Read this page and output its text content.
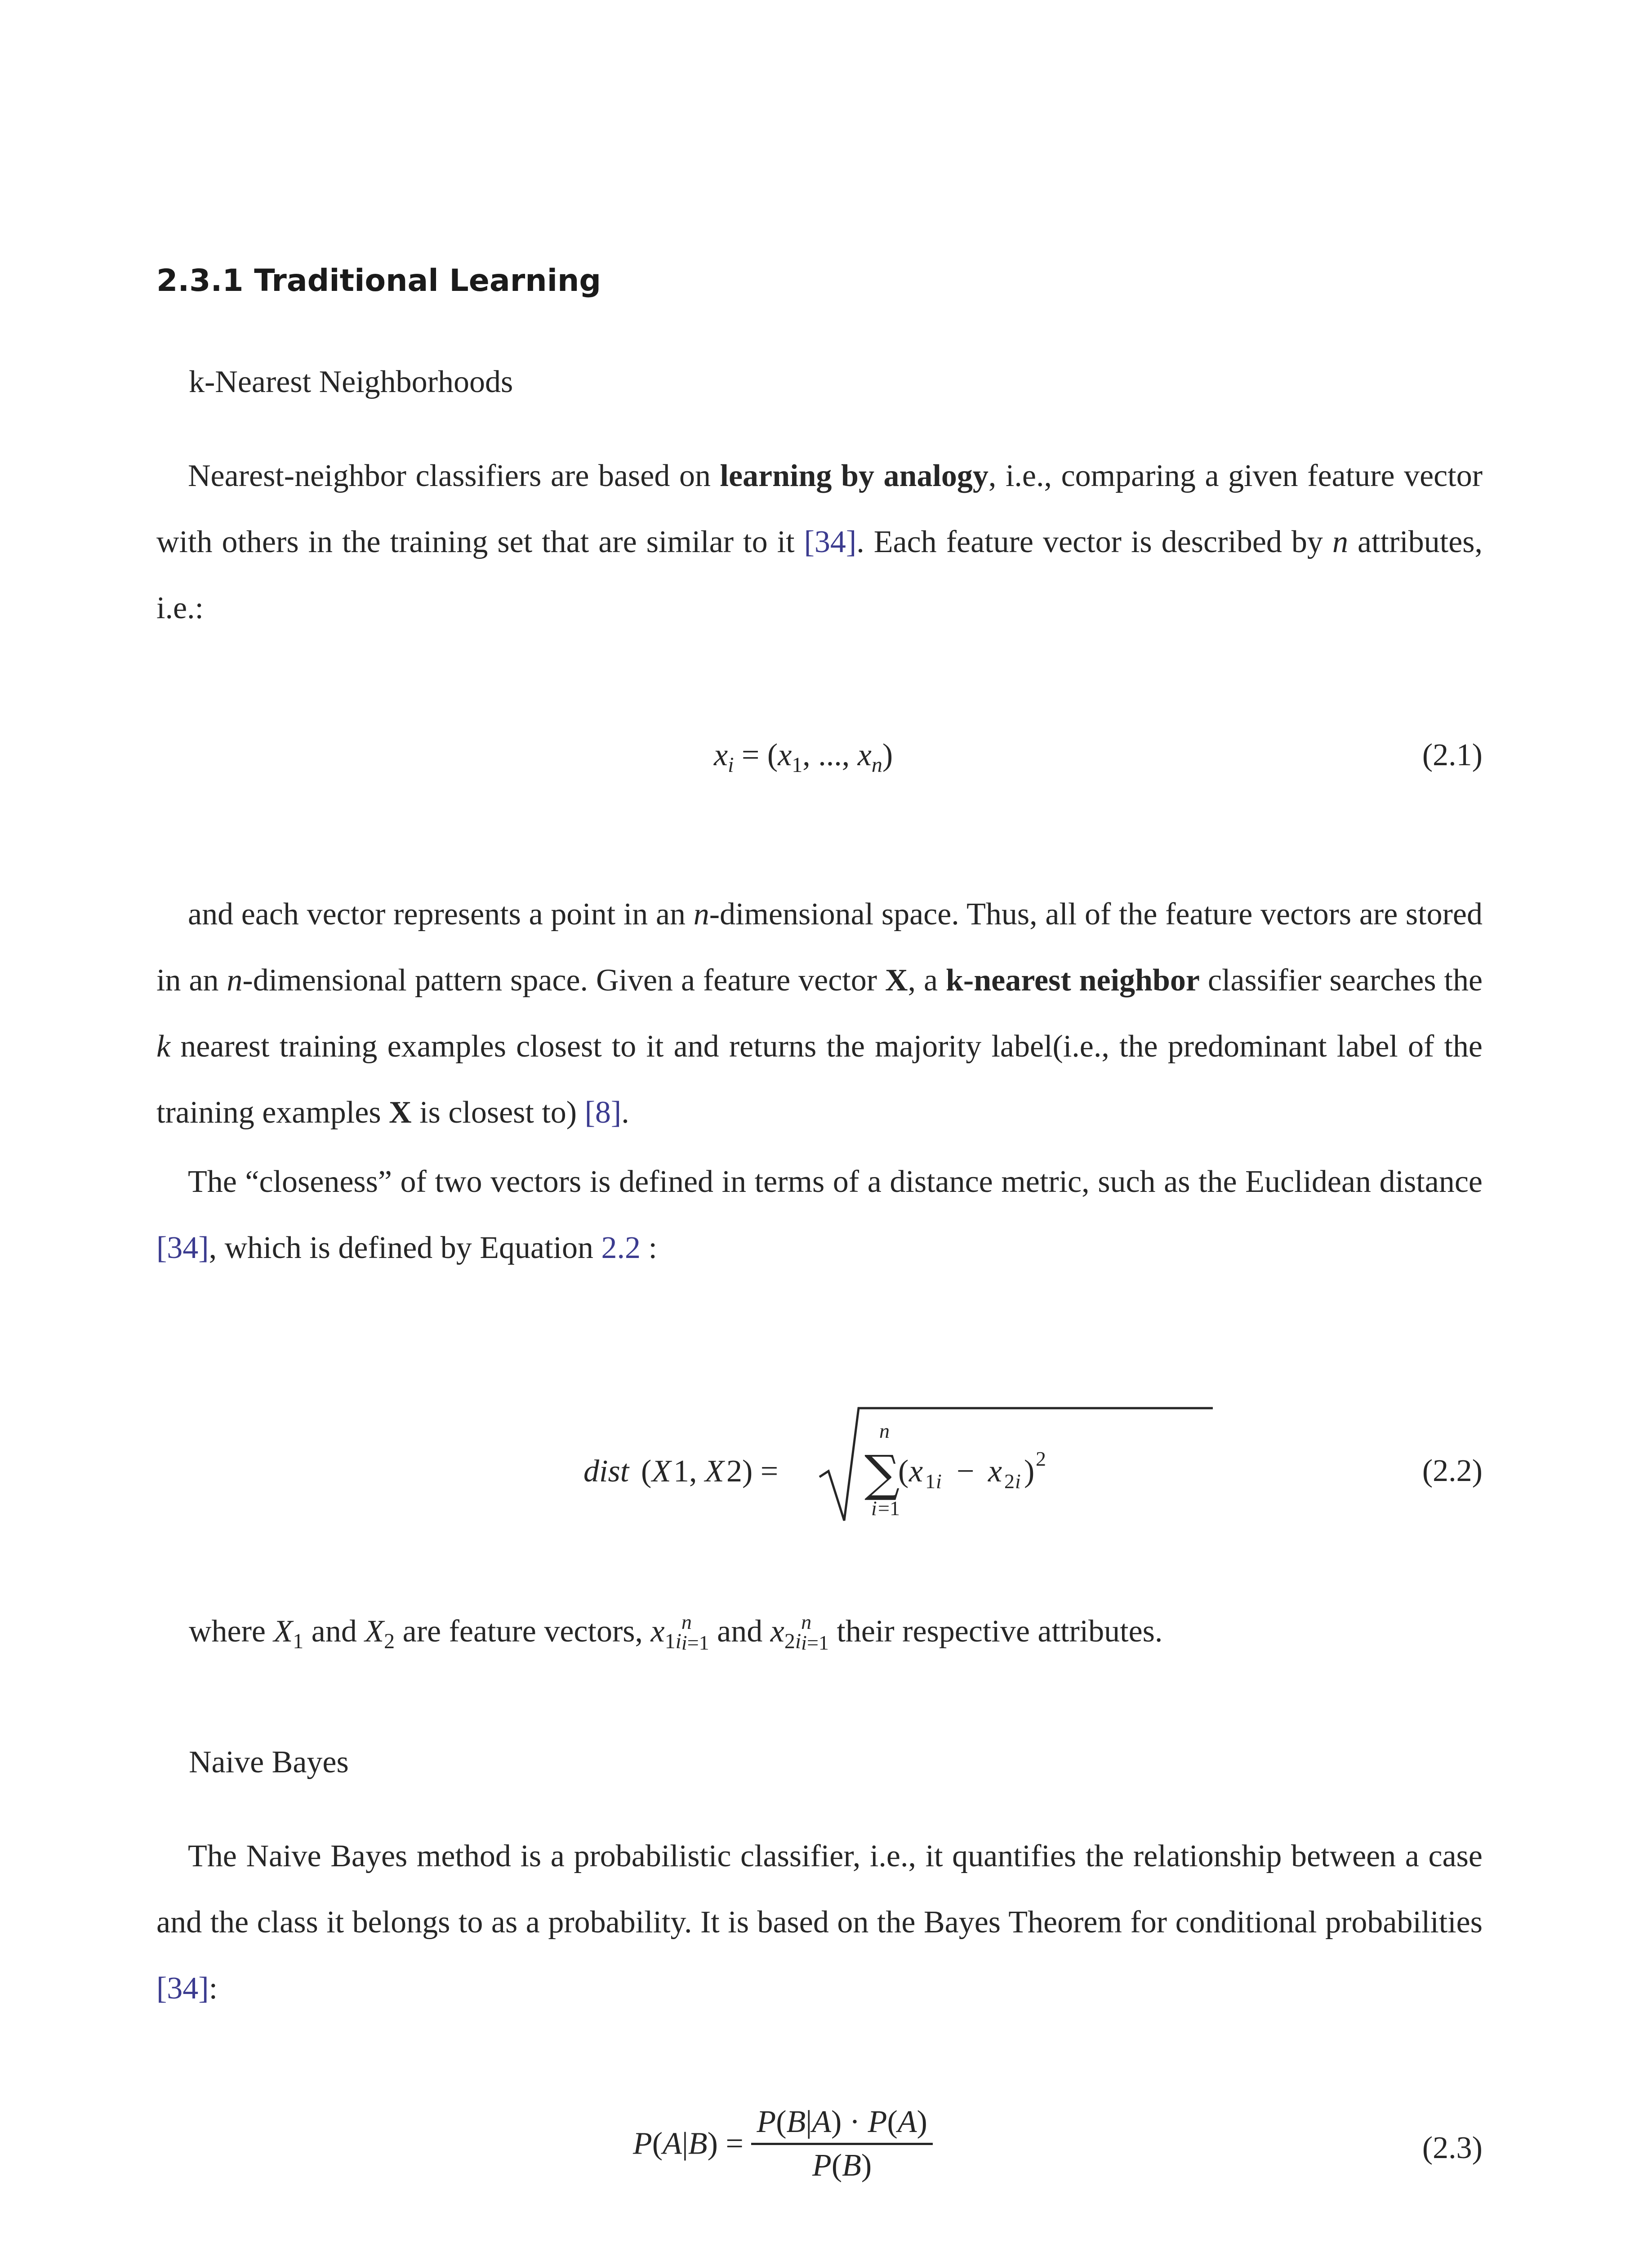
2.3.1 Traditional Learning
k-Nearest Neighborhoods
Nearest-neighbor classifiers are based on learning by analogy, i.e., comparing a given feature vector with others in the training set that are similar to it [34]. Each feature vector is described by n attributes, i.e.:
$x_i = (x_1$, ..., $x_n$)	(2.1)
and each vector represents a point in an n-dimensional space. Thus, all of the feature vectors are stored in an n-dimensional pattern space. Given a feature vector X, a k-nearest neighbor classifier searches the k nearest training examples closest to it and returns the majority label(i.e., the predominant label of the training examples X is closest to) [8].
The “closeness” of two vectors is defined in terms of a distance metric, such as the Euclidean distance [34], which is defined by Equation 2.2 :
dist ( X 1, X 2) = ∑
n
i =1
( x 1 i − x 2 i ) 2	(2.2)
where $X_1$ and $X_2$ are feature vectors, $x_{1i}n$
i=1 and $x_{2i}n$
i=1 their respective attributes.
Naive Bayes
The Naive Bayes method is a probabilistic classifier, i.e., it quantifies the relationship between a case and the class it belongs to as a probability. It is based on the Bayes Theorem for conditional probabilities [34]:
$P(A|B) = \frac{P(B|A) \cdot P(A)}{P(B)}$	(2.3)
